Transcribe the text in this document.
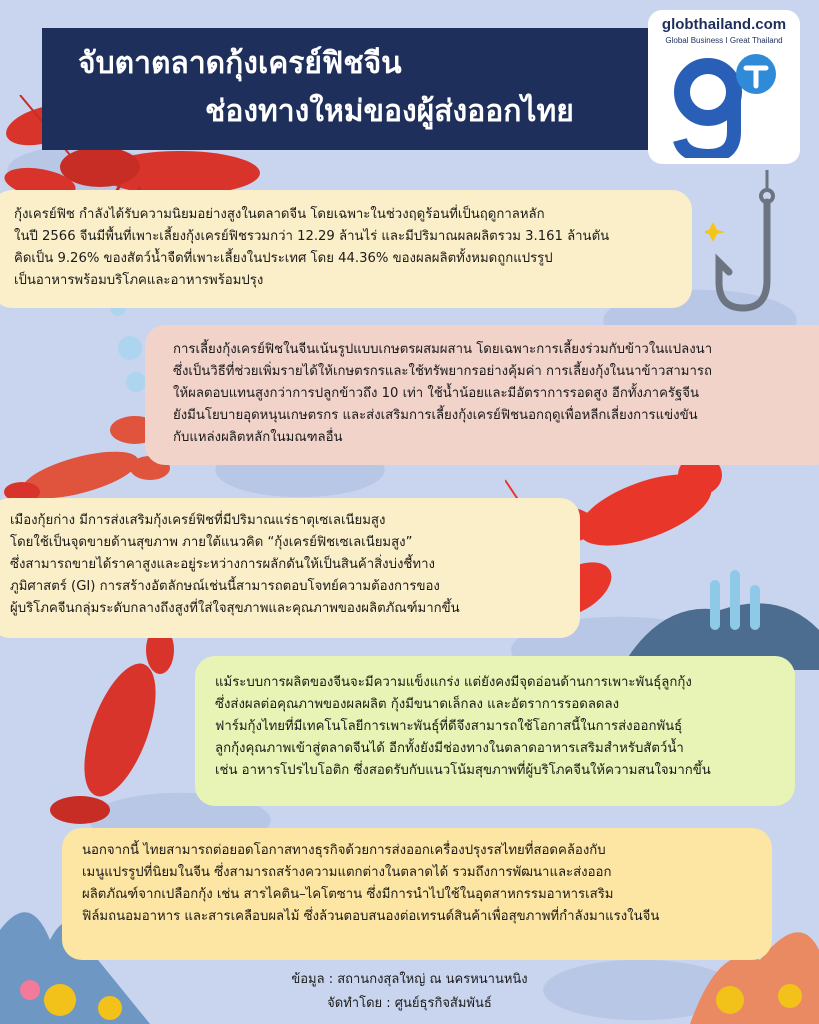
จับตาตลาดกุ้งเครย์ฟิชจีน
ช่องทางใหม่ของผู้ส่งออกไทย
globthailand.com
Global Business I Great Thailand

กุ้งเครย์ฟิช กำลังได้รับความนิยมอย่างสูงในตลาดจีน โดยเฉพาะในช่วงฤดูร้อนที่เป็นฤดูกาลหลัก

ในปี 2566 จีนมีพื้นที่เพาะเลี้ยงกุ้งเครย์ฟิชรวมกว่า 12.29 ล้านไร่ และมีปริมาณผลผลิตรวม 3.161 ล้านตัน

คิดเป็น 9.26% ของสัตว์น้ำจืดที่เพาะเลี้ยงในประเทศ โดย 44.36% ของผลผลิตทั้งหมดถูกแปรรูป

เป็นอาหารพร้อมบริโภคและอาหารพร้อมปรุง

การเลี้ยงกุ้งเครย์ฟิชในจีนเน้นรูปแบบเกษตรผสมผสาน โดยเฉพาะการเลี้ยงร่วมกับข้าวในแปลงนา

ซึ่งเป็นวิธีที่ช่วยเพิ่มรายได้ให้เกษตรกรและใช้ทรัพยากรอย่างคุ้มค่า การเลี้ยงกุ้งในนาข้าวสามารถ

ให้ผลตอบแทนสูงกว่าการปลูกข้าวถึง 10 เท่า ใช้น้ำน้อยและมีอัตราการรอดสูง อีกทั้งภาครัฐจีน

ยังมีนโยบายอุดหนุนเกษตรกร และส่งเสริมการเลี้ยงกุ้งเครย์ฟิชนอกฤดูเพื่อหลีกเลี่ยงการแข่งขัน

กับแหล่งผลิตหลักในมณฑลอื่น

เมืองกุ้ยก่าง มีการส่งเสริมกุ้งเครย์ฟิชที่มีปริมาณแร่ธาตุเซเลเนียมสูง

โดยใช้เป็นจุดขายด้านสุขภาพ ภายใต้แนวคิด “กุ้งเครย์ฟิชเซเลเนียมสูง”

ซึ่งสามารถขายได้ราคาสูงและอยู่ระหว่างการผลักดันให้เป็นสินค้าสิ่งบ่งชี้ทาง

ภูมิศาสตร์ (GI) การสร้างอัตลักษณ์เช่นนี้สามารถตอบโจทย์ความต้องการของ

ผู้บริโภคจีนกลุ่มระดับกลางถึงสูงที่ใส่ใจสุขภาพและคุณภาพของผลิตภัณฑ์มากขึ้น

แม้ระบบการผลิตของจีนจะมีความแข็งแกร่ง แต่ยังคงมีจุดอ่อนด้านการเพาะพันธุ์ลูกกุ้ง

ซึ่งส่งผลต่อคุณภาพของผลผลิต กุ้งมีขนาดเล็กลง และอัตราการรอดลดลง

ฟาร์มกุ้งไทยที่มีเทคโนโลยีการเพาะพันธุ์ที่ดีจึงสามารถใช้โอกาสนี้ในการส่งออกพันธุ์

ลูกกุ้งคุณภาพเข้าสู่ตลาดจีนได้ อีกทั้งยังมีช่องทางในตลาดอาหารเสริมสำหรับสัตว์น้ำ

เช่น อาหารโปรไบโอติก ซึ่งสอดรับกับแนวโน้มสุขภาพที่ผู้บริโภคจีนให้ความสนใจมากขึ้น

นอกจากนี้ ไทยสามารถต่อยอดโอกาสทางธุรกิจด้วยการส่งออกเครื่องปรุงรสไทยที่สอดคล้องกับ

เมนูแปรรูปที่นิยมในจีน ซึ่งสามารถสร้างความแตกต่างในตลาดได้ รวมถึงการพัฒนาและส่งออก

ผลิตภัณฑ์จากเปลือกกุ้ง เช่น สารไคติน–ไคโตซาน ซึ่งมีการนำไปใช้ในอุตสาหกรรมอาหารเสริม

ฟิล์มถนอมอาหาร และสารเคลือบผลไม้ ซึ่งล้วนตอบสนองต่อเทรนด์สินค้าเพื่อสุขภาพที่กำลังมาแรงในจีน

ข้อมูล : สถานกงสุลใหญ่ ณ นครหนานหนิง
จัดทำโดย : ศูนย์ธุรกิจสัมพันธ์
